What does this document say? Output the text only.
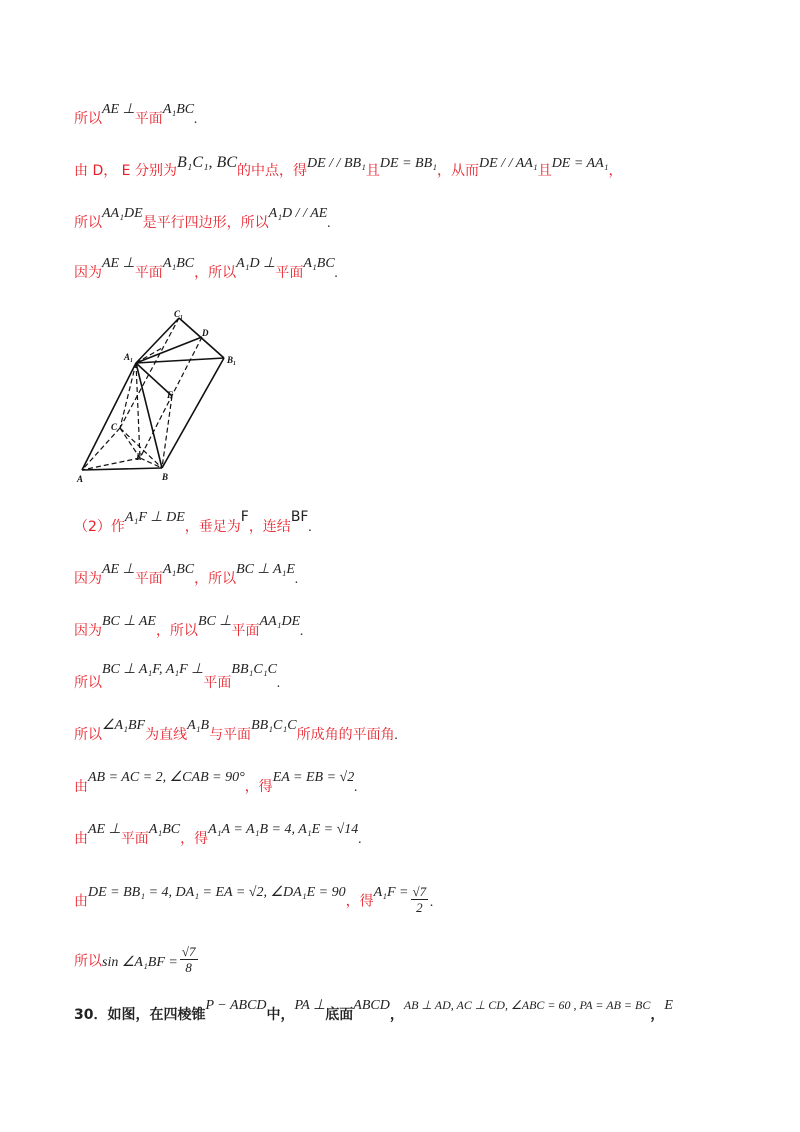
所以AE ⊥平面A₁BC.
由 D， E 分别为B₁C₁, BC的中点，得DE / / BB₁且DE = BB₁，从而DE / / AA₁且DE = AA₁，
所以AA₁DE是平行四边形，所以A₁D / / AE.
因为AE ⊥平面A₁BC，所以A₁D ⊥平面A₁BC.
C₁
D
A₁	B₁
F
C
E
A	B
（2）作A₁F ⊥ DE，垂足为F，连结BF.
因为AE ⊥平面A₁BC，所以BC ⊥ A₁E.
因为BC ⊥ AE，所以BC ⊥平面AA₁DE.
所以BC ⊥ A₁F, A₁F ⊥平面BB₁C₁C.
所以∠A₁BF为直线A₁B与平面BB₁C₁C所成角的平面角.
由AB = AC = 2, ∠CAB = 90°，得EA = EB = √2.
由AE ⊥平面A₁BC，得A₁A = A₁B = 4, A₁E = √14.
由DE = BB₁ = 4, DA₁ = EA = √2, ∠DA₁E = 90，得$A_1F = \frac{√7}{2}$ .
所以sin ∠A₁BF = $\frac{√7}{8}$
30．如图，在四棱锥P − ABCD中，PA ⊥底面ABCD，AB ⊥ AD, AC ⊥ CD, ∠ABC = 60 , PA = AB = BC，E
